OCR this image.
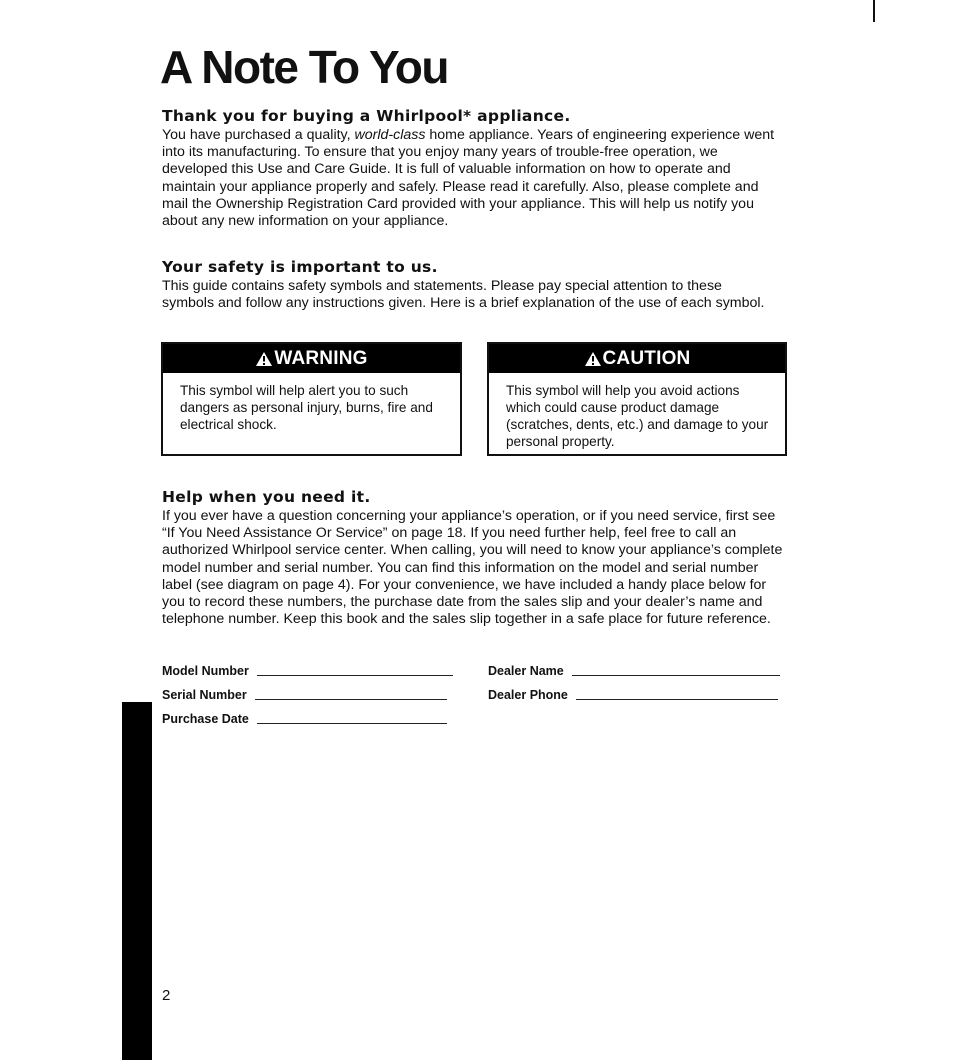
A Note To You
Thank you for buying a Whirlpool* appliance.

You have purchased a quality, world-class home appliance. Years of engineering experience went into its manufacturing. To ensure that you enjoy many years of trouble-free operation, we developed this Use and Care Guide. It is full of valuable information on how to operate and maintain your appliance properly and safely. Please read it carefully. Also, please complete and mail the Ownership Registration Card provided with your appliance. This will help us notify you about any new information on your appliance.

Your safety is important to us.

This guide contains safety symbols and statements. Please pay special attention to these symbols and follow any instructions given. Here is a brief explanation of the use of each symbol.

WARNING
This symbol will help alert you to such dangers as personal injury, burns, fire and electrical shock.
CAUTION
This symbol will help you avoid actions which could cause product damage (scratches, dents, etc.) and damage to your personal property.
Help when you need it.

If you ever have a question concerning your appliance’s operation, or if you need service, first see “If You Need Assistance Or Service” on page 18. If you need further help, feel free to call an authorized Whirlpool service center. When calling, you will need to know your appliance’s complete model number and serial number. You can find this information on the model and serial number label (see diagram on page 4). For your convenience, we have included a handy place below for you to record these numbers, the purchase date from the sales slip and your dealer’s name and telephone number. Keep this book and the sales slip together in a safe place for future reference.

Model Number
Serial Number
Purchase Date
Dealer Name
Dealer Phone
2
